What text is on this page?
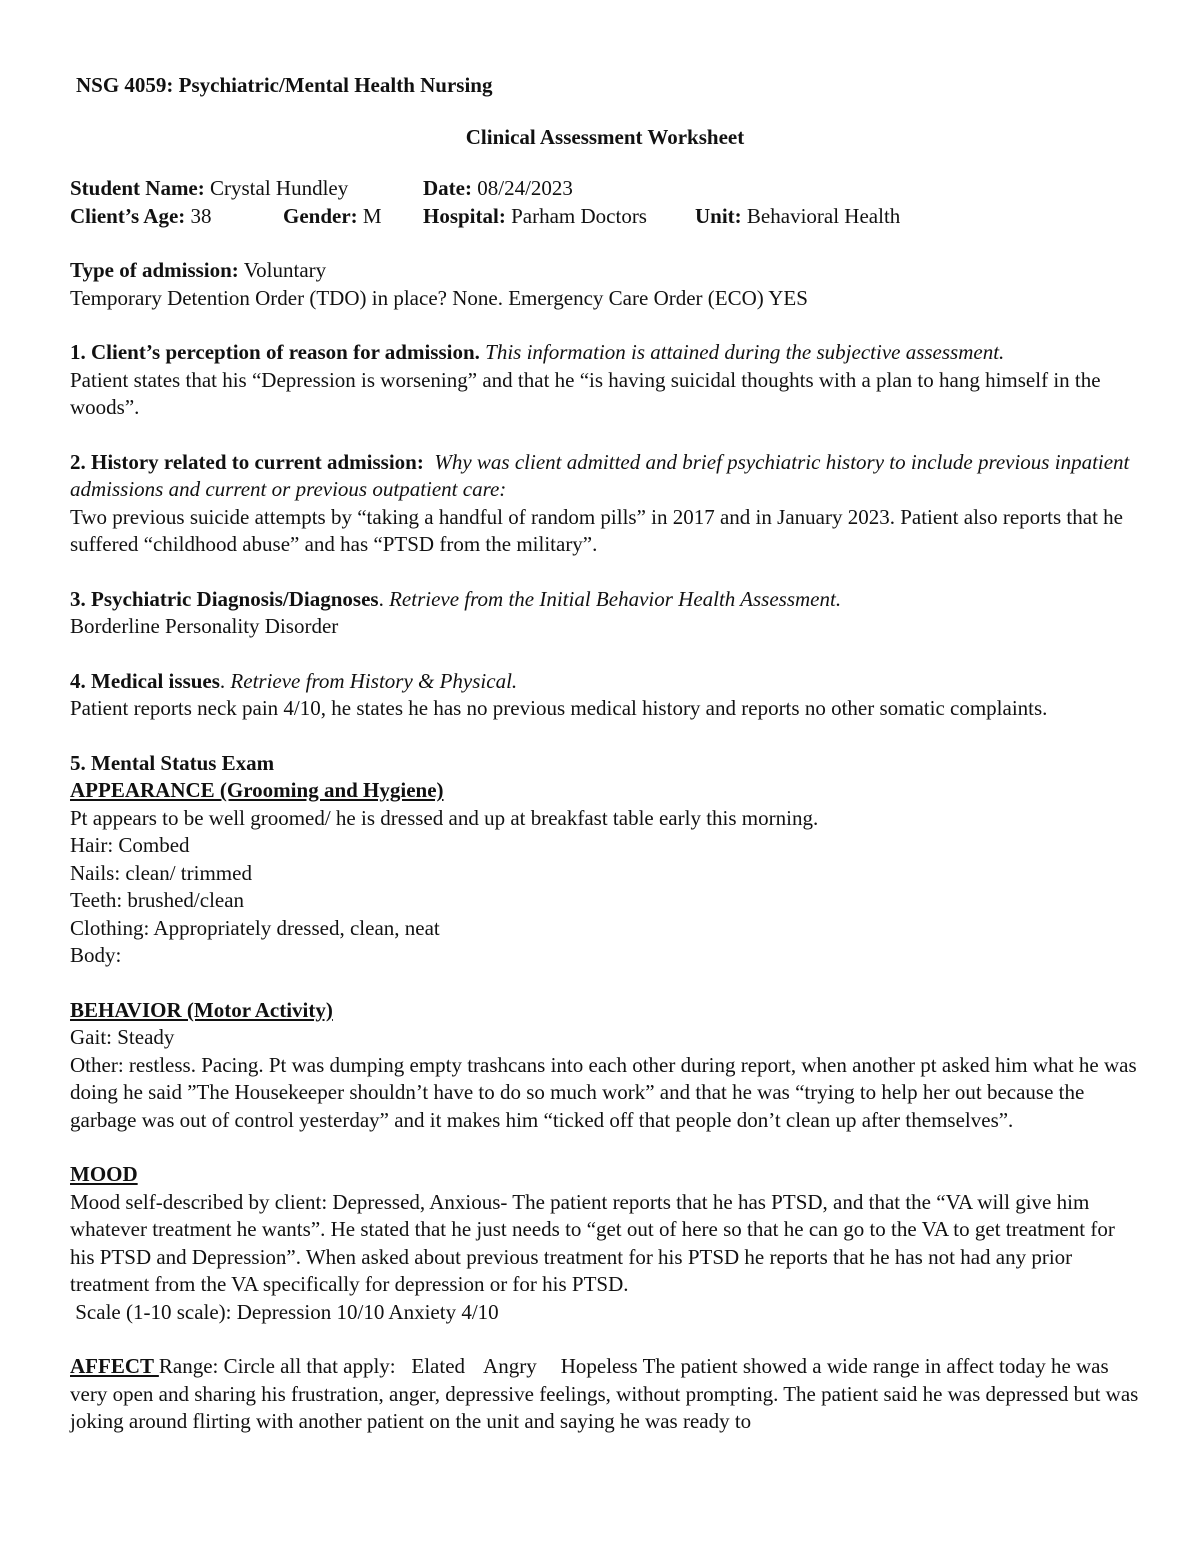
NSG 4059: Psychiatric/Mental Health Nursing
Clinical Assessment Worksheet
Student Name: Crystal Hundley	Date: 08/24/2023
Client’s Age: 38	Gender: M	Hospital: Parham Doctors	Unit: Behavioral Health

Type of admission: Voluntary

Temporary Detention Order (TDO) in place? None. Emergency Care Order (ECO) YES

1. Client’s perception of reason for admission. This information is attained during the subjective assessment.

Patient states that his “Depression is worsening” and that he “is having suicidal thoughts with a plan to hang himself in the woods”.

2. History related to current admission: Why was client admitted and brief psychiatric history to include previous inpatient admissions and current or previous outpatient care:

Two previous suicide attempts by “taking a handful of random pills” in 2017 and in January 2023. Patient also reports that he suffered “childhood abuse” and has “PTSD from the military”.

3. Psychiatric Diagnosis/Diagnoses. Retrieve from the Initial Behavior Health Assessment.

Borderline Personality Disorder

4. Medical issues. Retrieve from History & Physical.

Patient reports neck pain 4/10, he states he has no previous medical history and reports no other somatic complaints.

5. Mental Status Exam

APPEARANCE (Grooming and Hygiene)

Pt appears to be well groomed/ he is dressed and up at breakfast table early this morning.

Hair: Combed

Nails: clean/ trimmed

Teeth: brushed/clean

Clothing: Appropriately dressed, clean, neat

Body:

BEHAVIOR (Motor Activity)

Gait: Steady

Other: restless. Pacing. Pt was dumping empty trashcans into each other during report, when another pt asked him what he was doing he said ”The Housekeeper shouldn’t have to do so much work” and that he was “trying to help her out because the garbage was out of control yesterday” and it makes him “ticked off that people don’t clean up after themselves”.

MOOD

Mood self-described by client: Depressed, Anxious- The patient reports that he has PTSD, and that the “VA will give him whatever treatment he wants”. He stated that he just needs to “get out of here so that he can go to the VA to get treatment for his PTSD and Depression”. When asked about previous treatment for his PTSD he reports that he has not had any prior treatment from the VA specifically for depression or for his PTSD.

Scale (1-10 scale): Depression 10/10 Anxiety 4/10

AFFECT Range: Circle all that apply:   Elated Angry Hopeless The patient showed a wide range in affect today he was very open and sharing his frustration, anger, depressive feelings, without prompting. The patient said he was depressed but was joking around flirting with another patient on the unit and saying he was ready to
